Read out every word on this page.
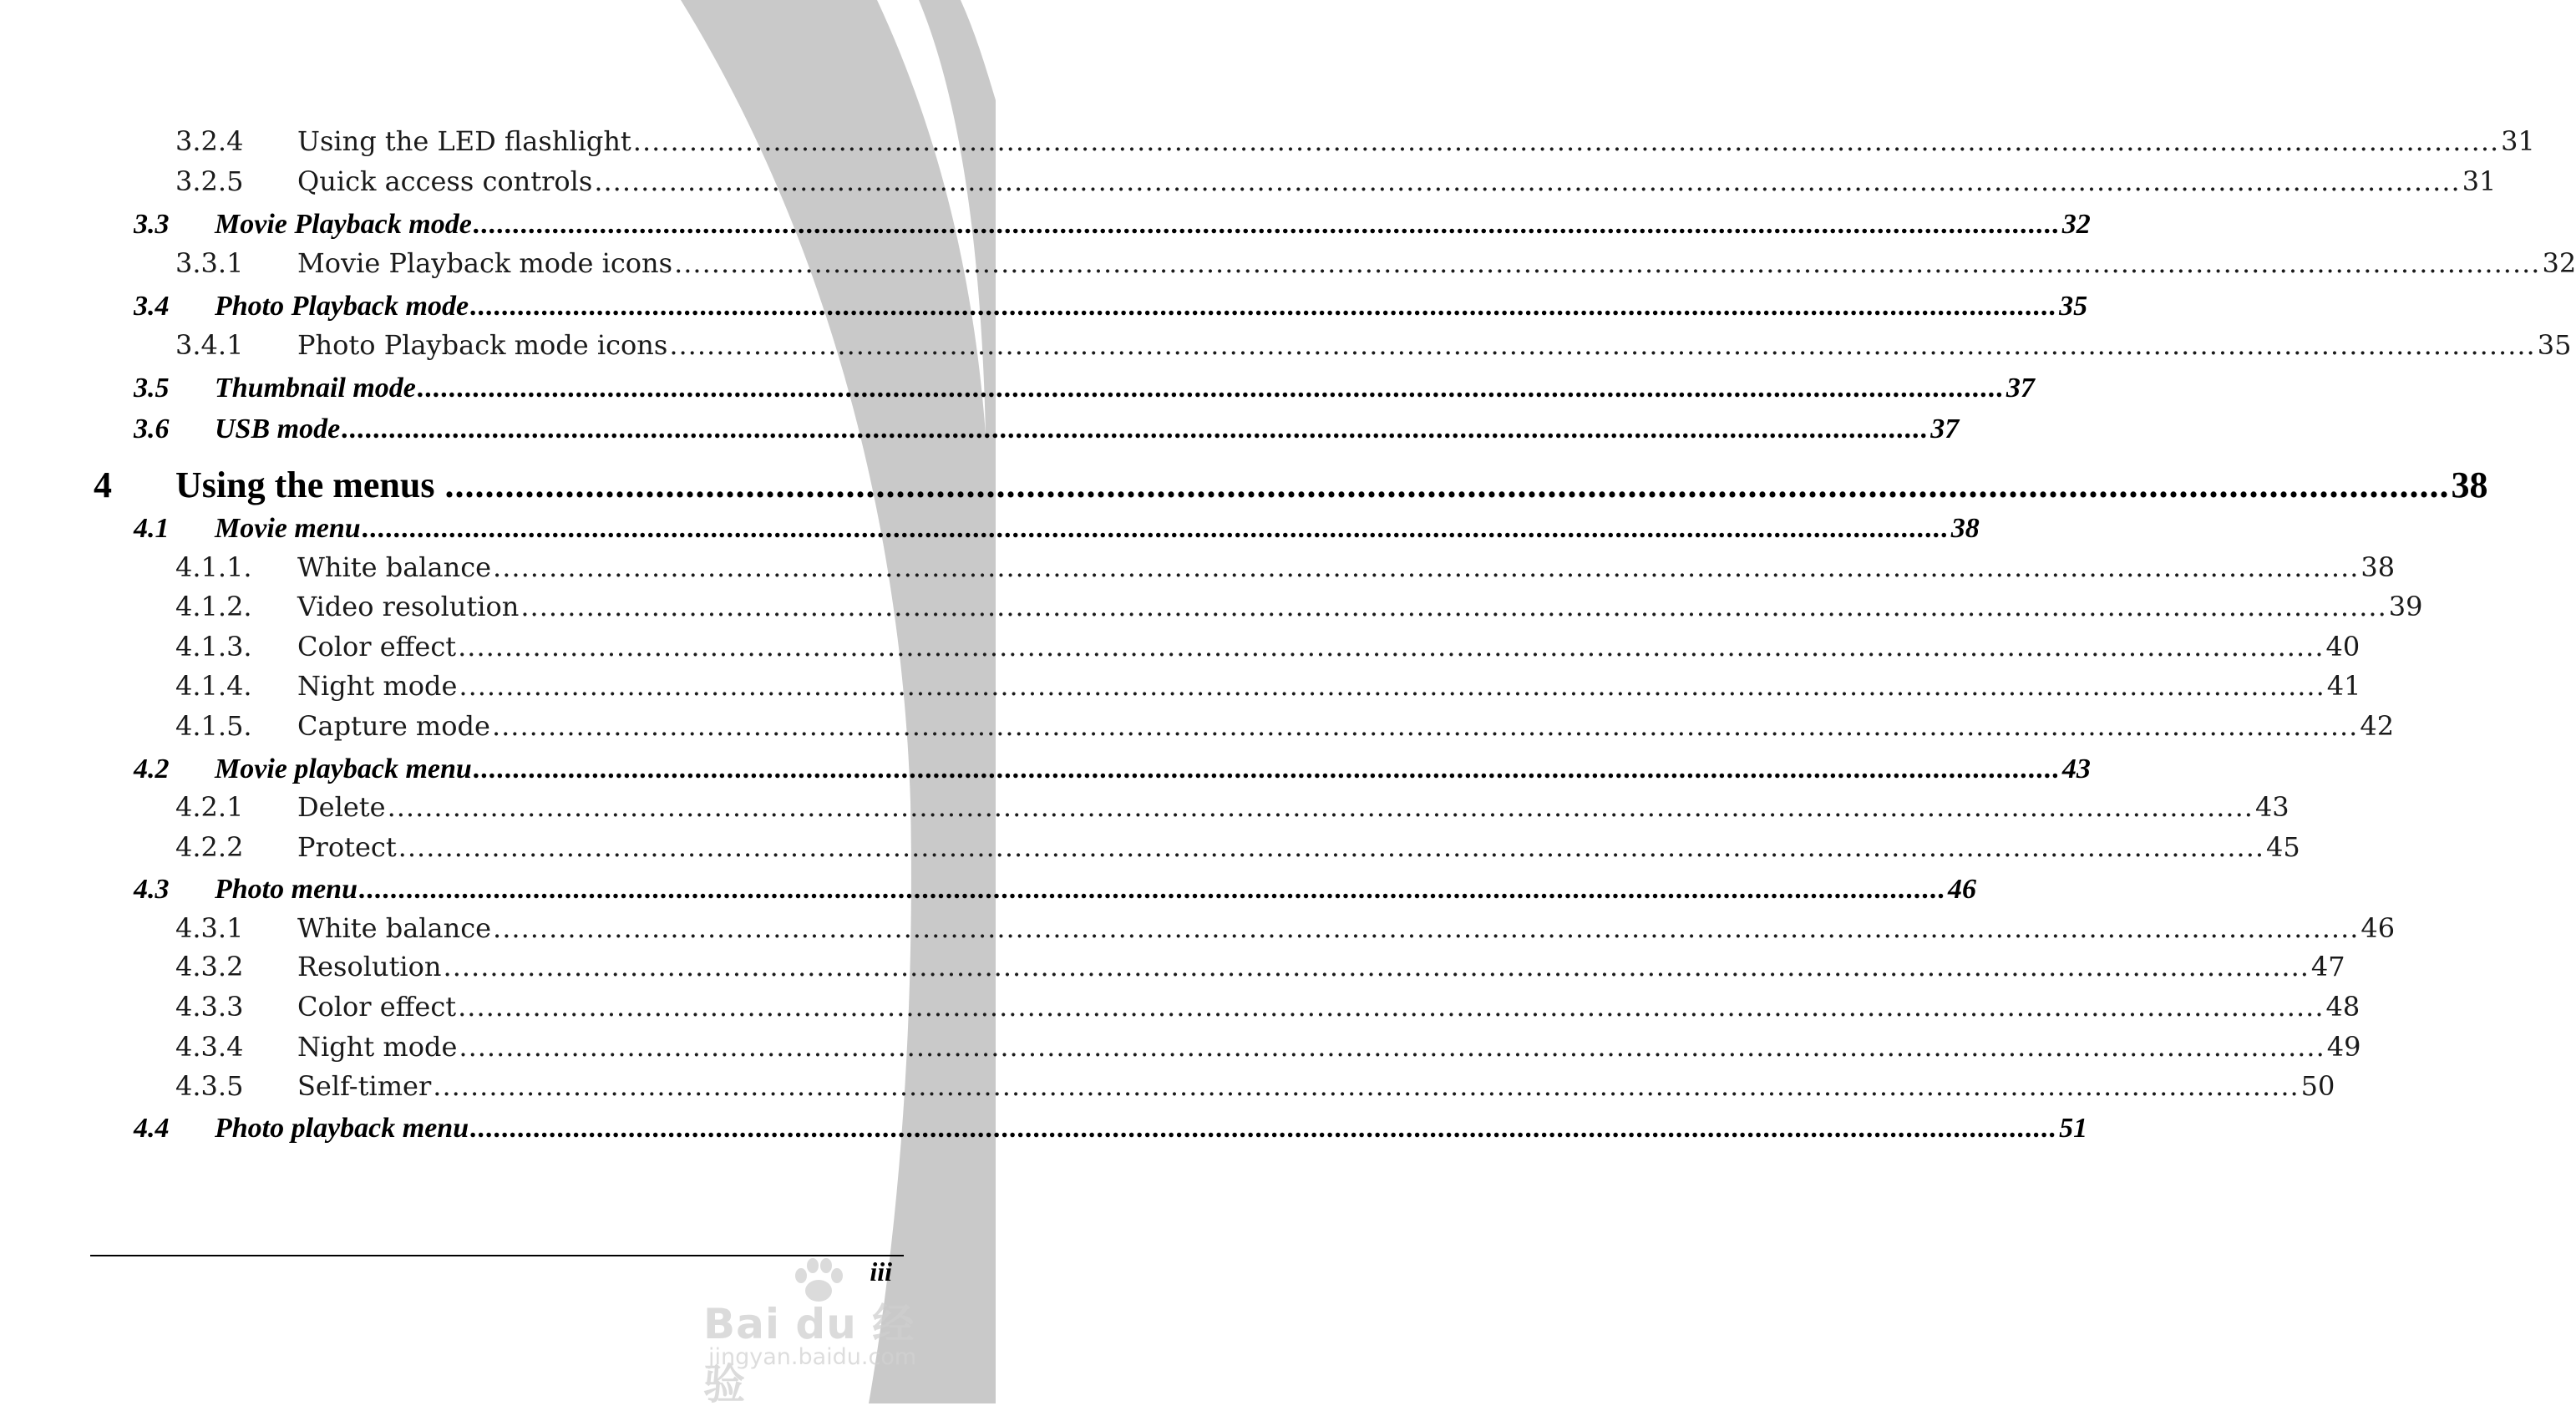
3.2.4	Using the LED flashlight ........................................................................................................................................................................................................ 31
3.2.5	Quick access controls ........................................................................................................................................................................................................ 31
3.3	Movie Playback mode ........................................................................................................................................................................................................ 32
3.3.1	Movie Playback mode icons ........................................................................................................................................................................................................ 32
3.4	Photo Playback mode ........................................................................................................................................................................................................ 35
3.4.1	Photo Playback mode icons ........................................................................................................................................................................................................ 35
3.5	Thumbnail mode ........................................................................................................................................................................................................ 37
3.6	USB mode ........................................................................................................................................................................................................ 37
4	Using the menus ........................................................................................................................................................................................................ 38
4.1	Movie menu ........................................................................................................................................................................................................ 38
4.1.1.	White balance ........................................................................................................................................................................................................ 38
4.1.2.	Video resolution ........................................................................................................................................................................................................ 39
4.1.3.	Color effect ........................................................................................................................................................................................................ 40
4.1.4.	Night mode ........................................................................................................................................................................................................ 41
4.1.5.	Capture mode ........................................................................................................................................................................................................ 42
4.2	Movie playback menu ........................................................................................................................................................................................................ 43
4.2.1	Delete ........................................................................................................................................................................................................ 43
4.2.2	Protect ........................................................................................................................................................................................................ 45
4.3	Photo menu ........................................................................................................................................................................................................ 46
4.3.1	White balance ........................................................................................................................................................................................................ 46
4.3.2	Resolution ........................................................................................................................................................................................................ 47
4.3.3	Color effect ........................................................................................................................................................................................................ 48
4.3.4	Night mode ........................................................................................................................................................................................................ 49
4.3.5	Self-timer ........................................................................................................................................................................................................ 50
4.4	Photo playback menu ........................................................................................................................................................................................................ 51
iii
Bai du 经验
jingyan.baidu.com
